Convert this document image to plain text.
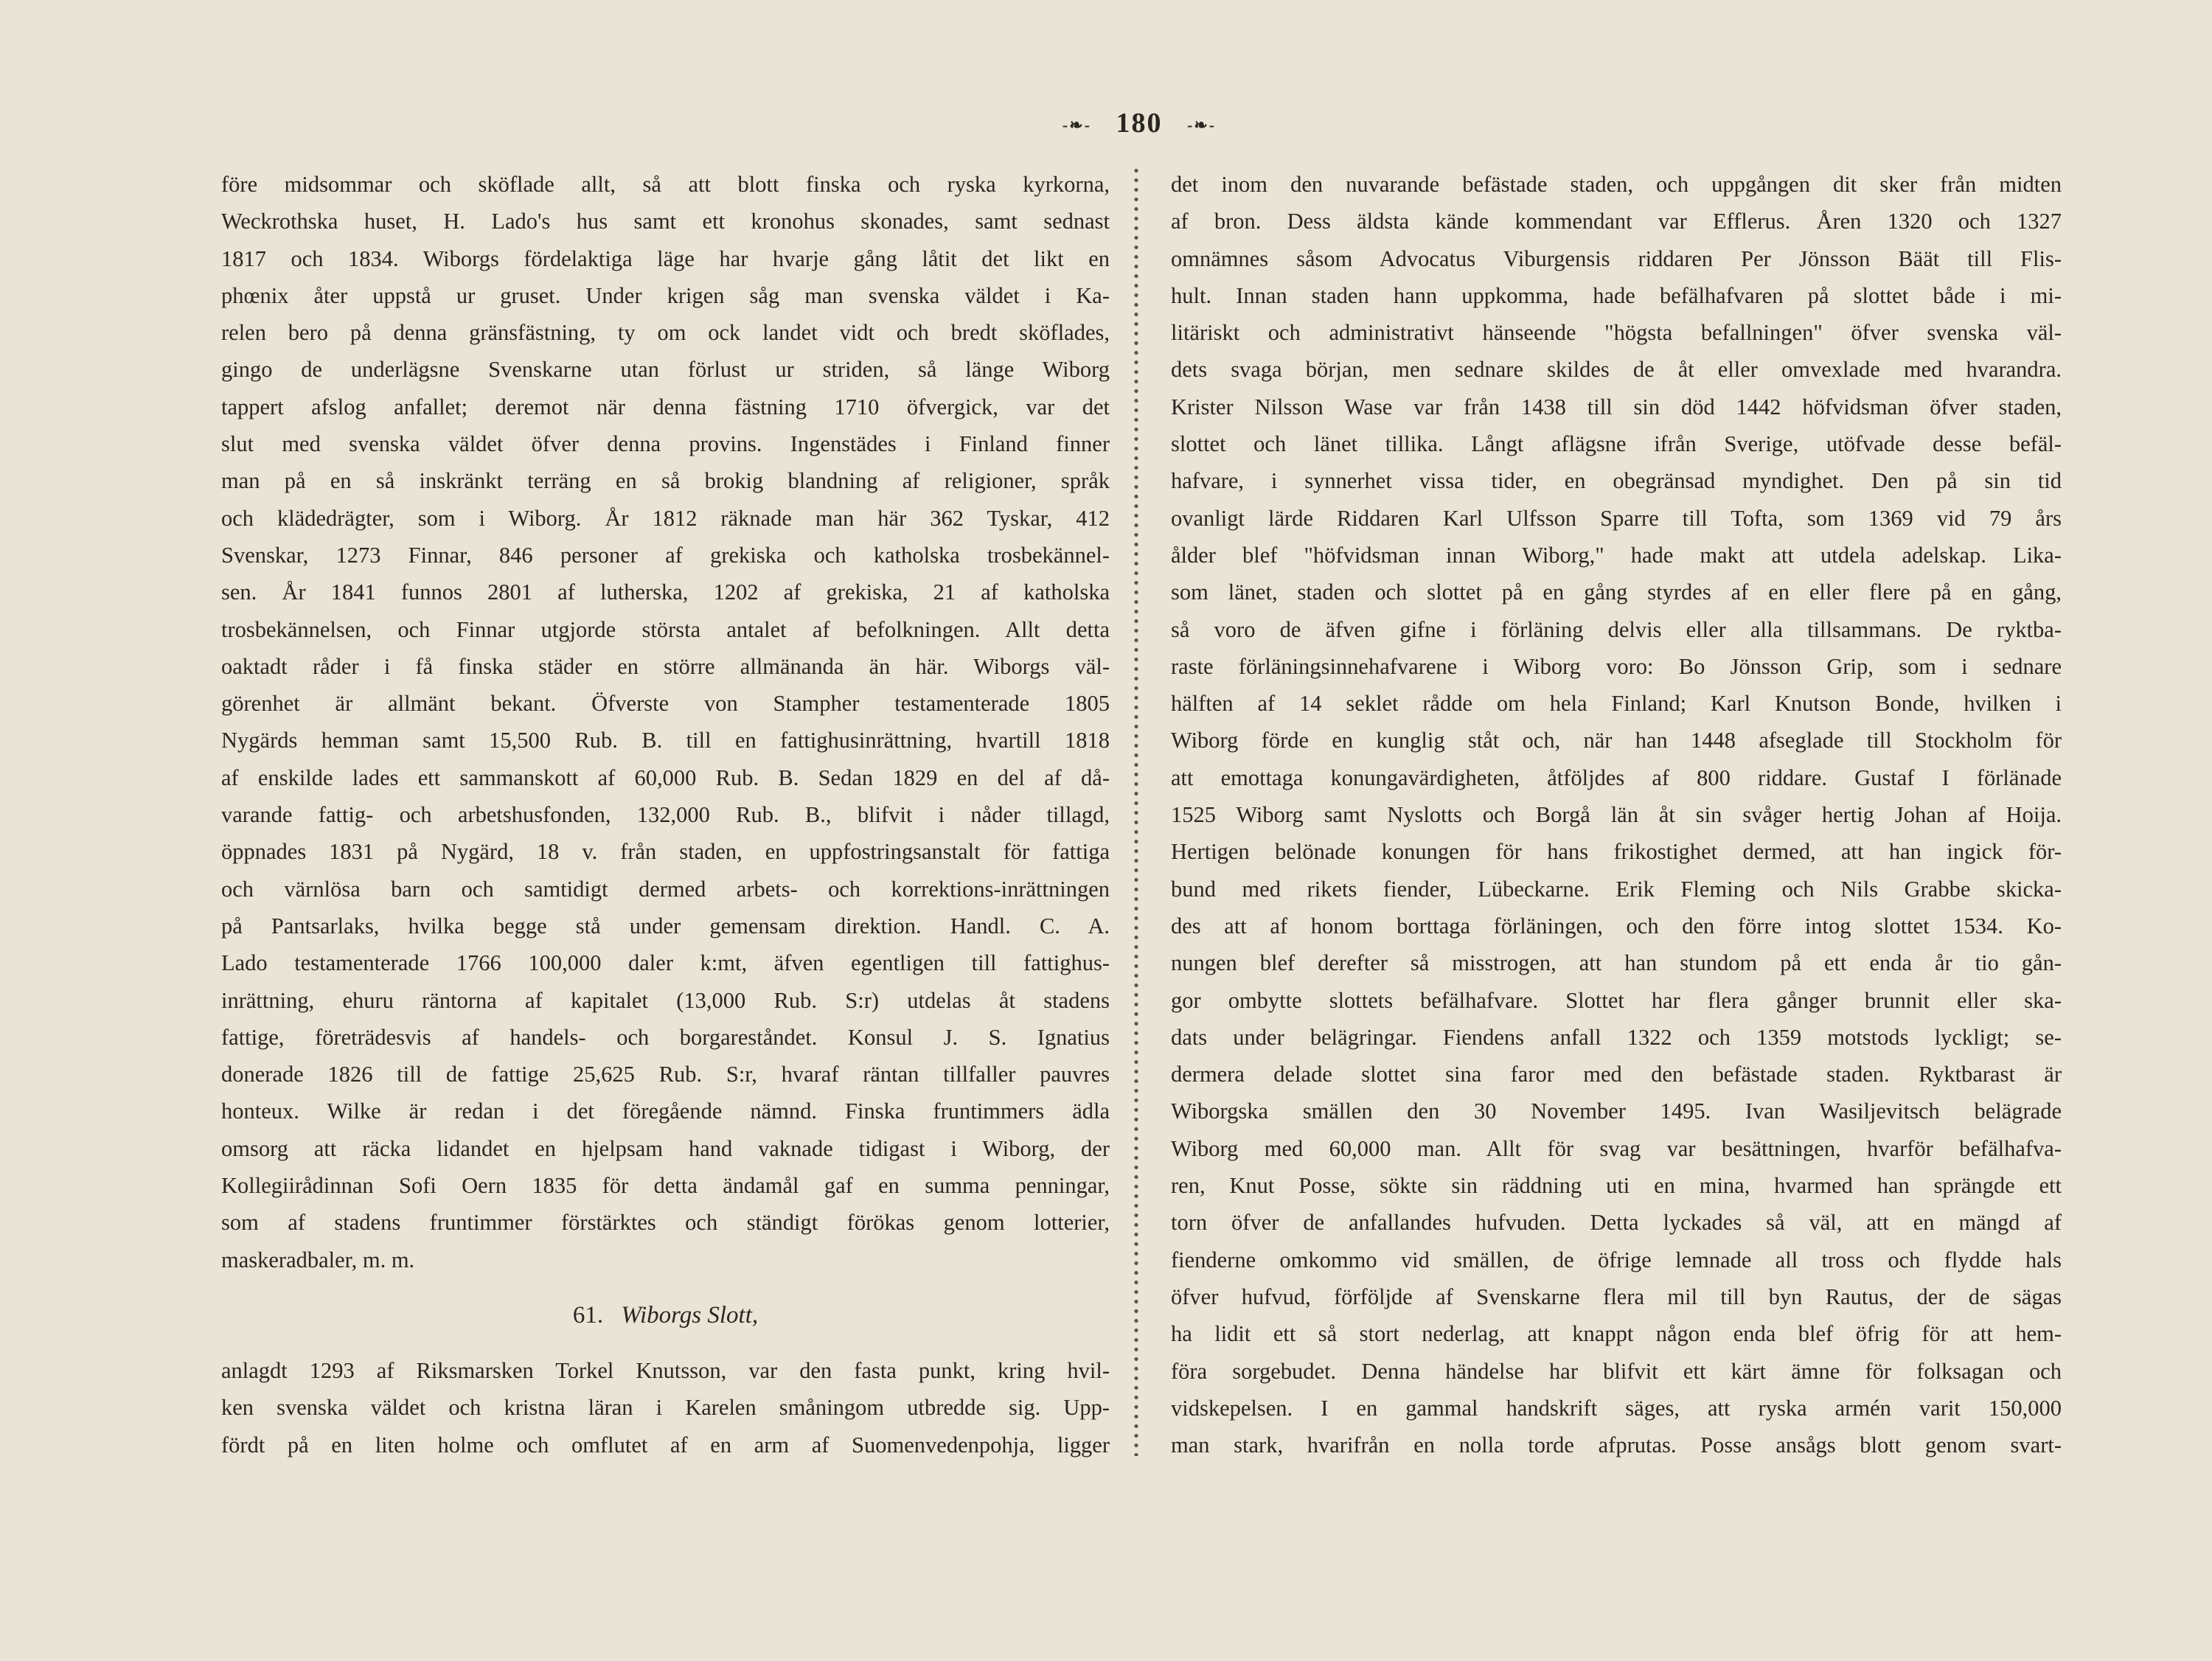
-❧- 180 -❧-
före midsommar och sköflade allt, så att blott finska och ryska kyrkorna,
Weckrothska huset, H. Lado's hus samt ett kronohus skonades, samt sednast
1817 och 1834. Wiborgs fördelaktiga läge har hvarje gång låtit det likt en
phœnix åter uppstå ur gruset. Under krigen såg man svenska väldet i Ka-
relen bero på denna gränsfästning, ty om ock landet vidt och bredt sköflades,
gingo de underlägsne Svenskarne utan förlust ur striden, så länge Wiborg
tappert afslog anfallet; deremot när denna fästning 1710 öfvergick, var det
slut med svenska väldet öfver denna provins. Ingenstädes i Finland finner
man på en så inskränkt terräng en så brokig blandning af religioner, språk
och klädedrägter, som i Wiborg. År 1812 räknade man här 362 Tyskar, 412
Svenskar, 1273 Finnar, 846 personer af grekiska och katholska trosbekännel-
sen. År 1841 funnos 2801 af lutherska, 1202 af grekiska, 21 af katholska
trosbekännelsen, och Finnar utgjorde största antalet af befolkningen. Allt detta
oaktadt råder i få finska städer en större allmänanda än här. Wiborgs väl-
görenhet är allmänt bekant. Öfverste von Stampher testamenterade 1805
Nygärds hemman samt 15,500 Rub. B. till en fattighusinrättning, hvartill 1818
af enskilde lades ett sammanskott af 60,000 Rub. B. Sedan 1829 en del af då-
varande fattig- och arbetshusfonden, 132,000 Rub. B., blifvit i nåder tillagd,
öppnades 1831 på Nygärd, 18 v. från staden, en uppfostringsanstalt för fattiga
och värnlösa barn och samtidigt dermed arbets- och korrektions-inrättningen
på Pantsarlaks, hvilka begge stå under gemensam direktion. Handl. C. A.
Lado testamenterade 1766 100,000 daler k:mt, äfven egentligen till fattighus-
inrättning, ehuru räntorna af kapitalet (13,000 Rub. S:r) utdelas åt stadens
fattige, företrädesvis af handels- och borgareståndet. Konsul J. S. Ignatius
donerade 1826 till de fattige 25,625 Rub. S:r, hvaraf räntan tillfaller pauvres
honteux. Wilke är redan i det föregående nämnd. Finska fruntimmers ädla
omsorg att räcka lidandet en hjelpsam hand vaknade tidigast i Wiborg, der
Kollegiirådinnan Sofi Oern 1835 för detta ändamål gaf en summa penningar,
som af stadens fruntimmer förstärktes och ständigt förökas genom lotterier,
maskeradbaler, m. m.
61. Wiborgs Slott,
anlagdt 1293 af Riksmarsken Torkel Knutsson, var den fasta punkt, kring hvil-
ken svenska väldet och kristna läran i Karelen småningom utbredde sig. Upp-
fördt på en liten holme och omflutet af en arm af Suomenvedenpohja, ligger
det inom den nuvarande befästade staden, och uppgången dit sker från midten
af bron. Dess äldsta kände kommendant var Efflerus. Åren 1320 och 1327
omnämnes såsom Advocatus Viburgensis riddaren Per Jönsson Bäät till Flis-
hult. Innan staden hann uppkomma, hade befälhafvaren på slottet både i mi-
litäriskt och administrativt hänseende "högsta befallningen" öfver svenska väl-
dets svaga början, men sednare skildes de åt eller omvexlade med hvarandra.
Krister Nilsson Wase var från 1438 till sin död 1442 höfvidsman öfver staden,
slottet och länet tillika. Långt aflägsne ifrån Sverige, utöfvade desse befäl-
hafvare, i synnerhet vissa tider, en obegränsad myndighet. Den på sin tid
ovanligt lärde Riddaren Karl Ulfsson Sparre till Tofta, som 1369 vid 79 års
ålder blef "höfvidsman innan Wiborg," hade makt att utdela adelskap. Lika-
som länet, staden och slottet på en gång styrdes af en eller flere på en gång,
så voro de äfven gifne i förläning delvis eller alla tillsammans. De ryktba-
raste förläningsinnehafvarene i Wiborg voro: Bo Jönsson Grip, som i sednare
hälften af 14 seklet rådde om hela Finland; Karl Knutson Bonde, hvilken i
Wiborg förde en kunglig ståt och, när han 1448 afseglade till Stockholm för
att emottaga konungavärdigheten, åtföljdes af 800 riddare. Gustaf I förlänade
1525 Wiborg samt Nyslotts och Borgå län åt sin svåger hertig Johan af Hoija.
Hertigen belönade konungen för hans frikostighet dermed, att han ingick för-
bund med rikets fiender, Lübeckarne. Erik Fleming och Nils Grabbe skicka-
des att af honom borttaga förläningen, och den förre intog slottet 1534. Ko-
nungen blef derefter så misstrogen, att han stundom på ett enda år tio gån-
gor ombytte slottets befälhafvare. Slottet har flera gånger brunnit eller ska-
dats under belägringar. Fiendens anfall 1322 och 1359 motstods lyckligt; se-
dermera delade slottet sina faror med den befästade staden. Ryktbarast är
Wiborgska smällen den 30 November 1495. Ivan Wasiljevitsch belägrade
Wiborg med 60,000 man. Allt för svag var besättningen, hvarför befälhafva-
ren, Knut Posse, sökte sin räddning uti en mina, hvarmed han sprängde ett
torn öfver de anfallandes hufvuden. Detta lyckades så väl, att en mängd af
fienderne omkommo vid smällen, de öfrige lemnade all tross och flydde hals
öfver hufvud, förföljde af Svenskarne flera mil till byn Rautus, der de sägas
ha lidit ett så stort nederlag, att knappt någon enda blef öfrig för att hem-
föra sorgebudet. Denna händelse har blifvit ett kärt ämne för folksagan och
vidskepelsen. I en gammal handskrift säges, att ryska armén varit 150,000
man stark, hvarifrån en nolla torde afprutas. Posse ansågs blott genom svart-
